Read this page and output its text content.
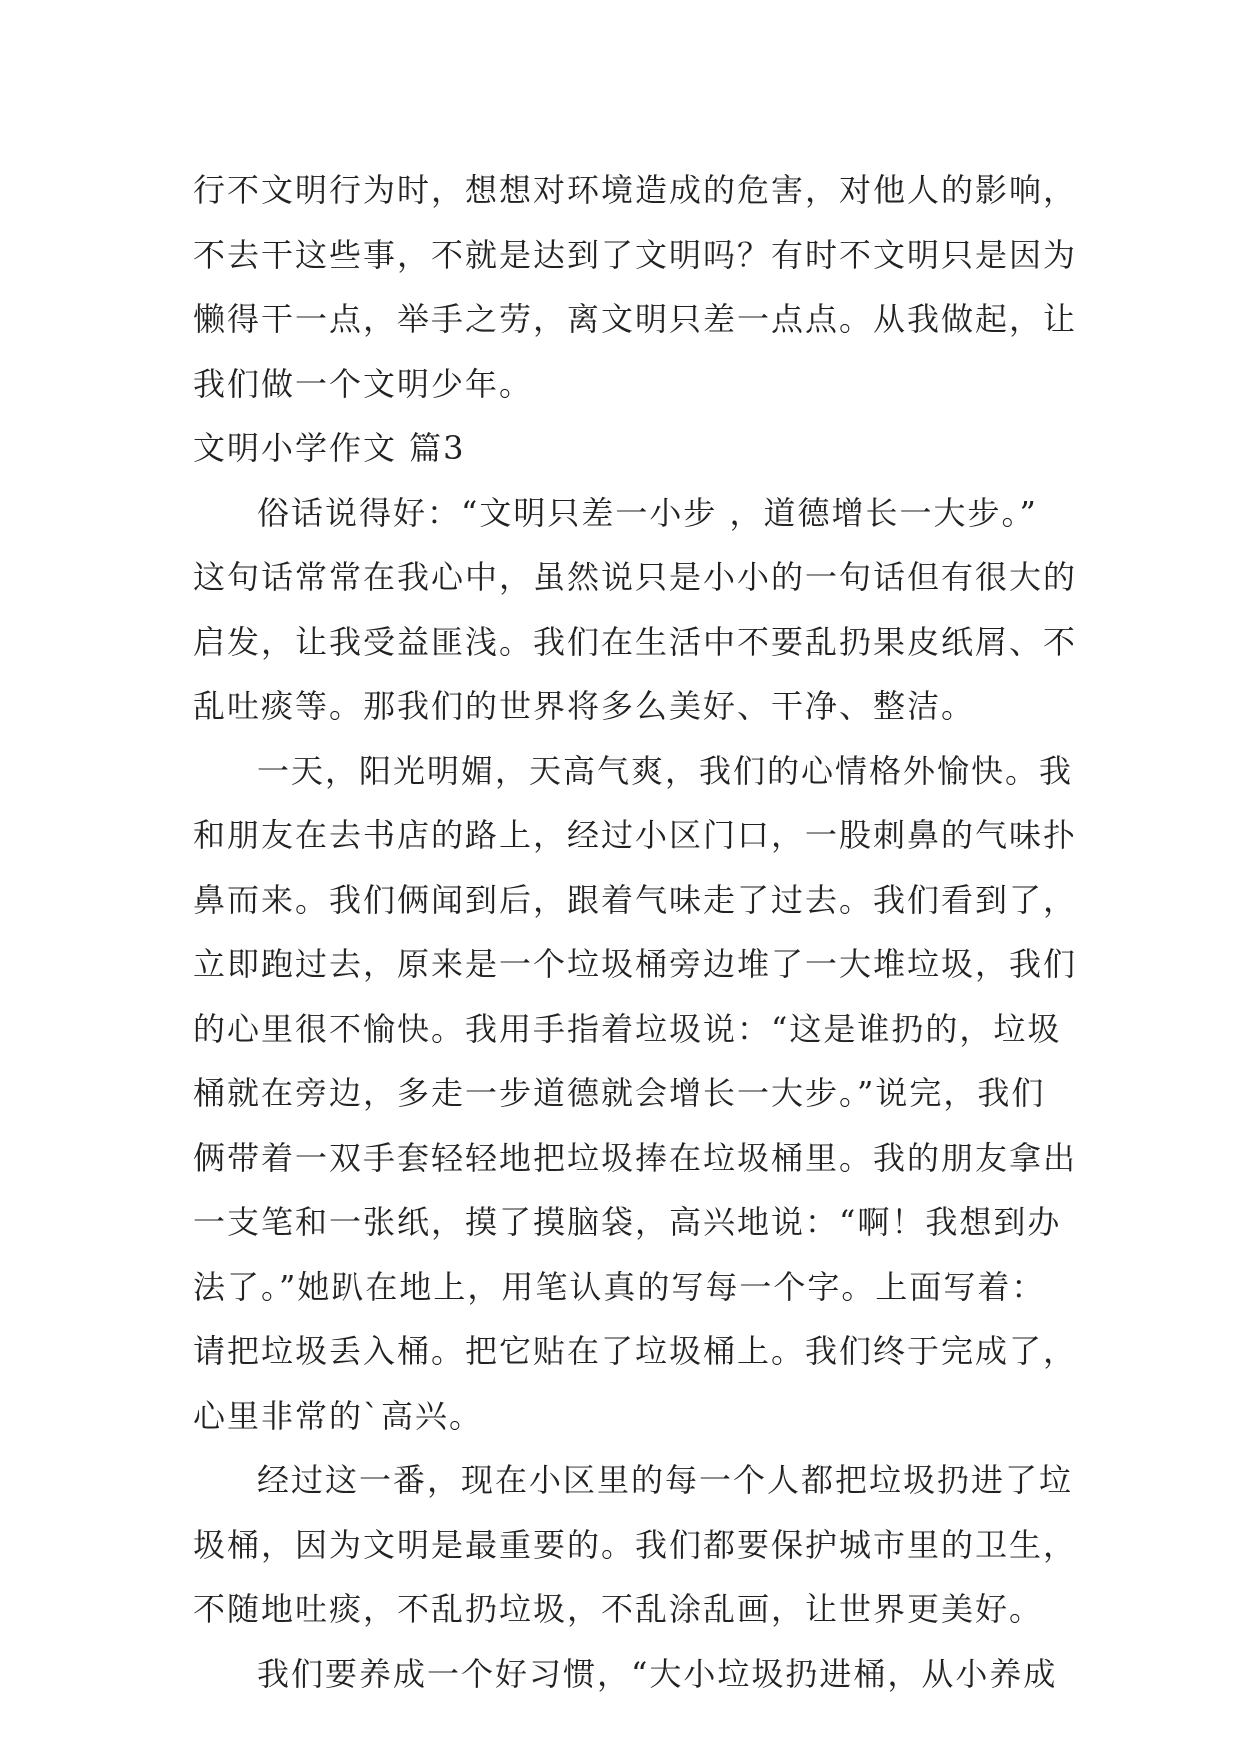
行不文明行为时，想想对环境造成的危害，对他人的影响，
不去干这些事，不就是达到了文明吗？有时不文明只是因为
懒得干一点，举手之劳，离文明只差一点点。从我做起，让
我们做一个文明少年。
文明小学作文 篇3
俗话说得好：“文明只差一小步 ，道德增长一大步。”
这句话常常在我心中，虽然说只是小小的一句话但有很大的
启发，让我受益匪浅。我们在生活中不要乱扔果皮纸屑、不
乱吐痰等。那我们的世界将多么美好、干净、整洁。
一天，阳光明媚，天高气爽，我们的心情格外愉快。我
和朋友在去书店的路上，经过小区门口，一股刺鼻的气味扑
鼻而来。我们俩闻到后，跟着气味走了过去。我们看到了，
立即跑过去，原来是一个垃圾桶旁边堆了一大堆垃圾，我们
的心里很不愉快。我用手指着垃圾说：“这是谁扔的，垃圾
桶就在旁边，多走一步道德就会增长一大步。”说完，我们
俩带着一双手套轻轻地把垃圾捧在垃圾桶里。我的朋友拿出
一支笔和一张纸，摸了摸脑袋，高兴地说：“啊！我想到办
法了。”她趴在地上，用笔认真的写每一个字。上面写着：
请把垃圾丢入桶。把它贴在了垃圾桶上。我们终于完成了，
心里非常的`高兴。
经过这一番，现在小区里的每一个人都把垃圾扔进了垃
圾桶，因为文明是最重要的。我们都要保护城市里的卫生，
不随地吐痰，不乱扔垃圾，不乱涂乱画，让世界更美好。
我们要养成一个好习惯，“大小垃圾扔进桶，从小养成
